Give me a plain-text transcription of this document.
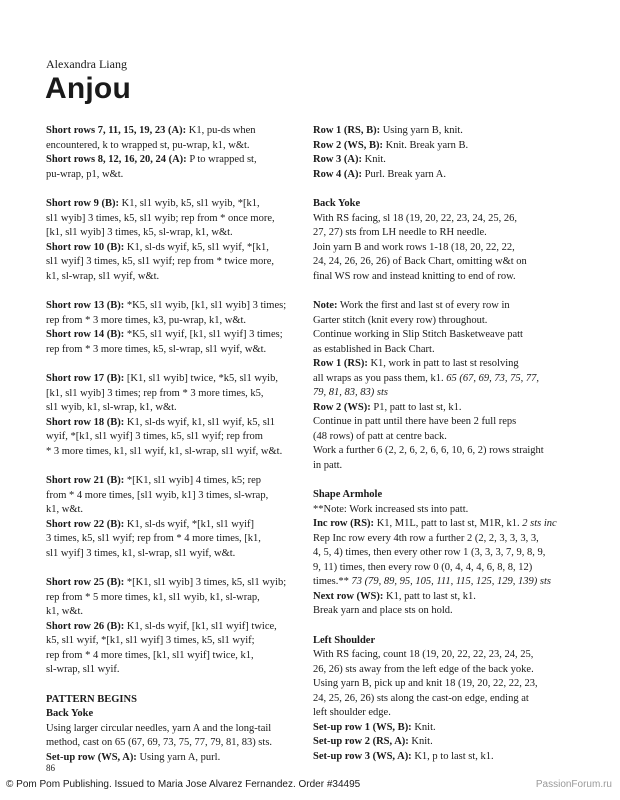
Alexandra Liang
Anjou
Short rows 7, 11, 15, 19, 23 (A): K1, pu-ds when
encountered, k to wrapped st, pu-wrap, k1, w&t.
Short rows 8, 12, 16, 20, 24 (A): P to wrapped st,
pu-wrap, p1, w&t.
Short row 9 (B): K1, sl1 wyib, k5, sl1 wyib, *[k1,
sl1 wyib] 3 times, k5, sl1 wyib; rep from * once more,
[k1, sl1 wyib] 3 times, k5, sl-wrap, k1, w&t.
Short row 10 (B): K1, sl-ds wyif, k5, sl1 wyif, *[k1,
sl1 wyif] 3 times, k5, sl1 wyif; rep from * twice more,
k1, sl-wrap, sl1 wyif, w&t.
Short row 13 (B): *K5, sl1 wyib, [k1, sl1 wyib] 3 times;
rep from * 3 more times, k3, pu-wrap, k1, w&t.
Short row 14 (B): *K5, sl1 wyif, [k1, sl1 wyif] 3 times;
rep from * 3 more times, k5, sl-wrap, sl1 wyif, w&t.
Short row 17 (B): [K1, sl1 wyib] twice, *k5, sl1 wyib,
[k1, sl1 wyib] 3 times; rep from * 3 more times, k5,
sl1 wyib, k1, sl-wrap, k1, w&t.
Short row 18 (B): K1, sl-ds wyif, k1, sl1 wyif, k5, sl1
wyif, *[k1, sl1 wyif] 3 times, k5, sl1 wyif; rep from
* 3 more times, k1, sl1 wyif, k1, sl-wrap, sl1 wyif, w&t.
Short row 21 (B): *[K1, sl1 wyib] 4 times, k5; rep
from * 4 more times, [sl1 wyib, k1] 3 times, sl-wrap,
k1, w&t.
Short row 22 (B): K1, sl-ds wyif, *[k1, sl1 wyif]
3 times, k5, sl1 wyif; rep from * 4 more times, [k1,
sl1 wyif] 3 times, k1, sl-wrap, sl1 wyif, w&t.
Short row 25 (B): *[K1, sl1 wyib] 3 times, k5, sl1 wyib;
rep from * 5 more times, k1, sl1 wyib, k1, sl-wrap,
k1, w&t.
Short row 26 (B): K1, sl-ds wyif, [k1, sl1 wyif] twice,
k5, sl1 wyif, *[k1, sl1 wyif] 3 times, k5, sl1 wyif;
rep from * 4 more times, [k1, sl1 wyif] twice, k1,
sl-wrap, sl1 wyif.
PATTERN BEGINS
Back Yoke
Using larger circular needles, yarn A and the long-tail
method, cast on 65 (67, 69, 73, 75, 77, 79, 81, 83) sts.
Set-up row (WS, A): Using yarn A, purl.
Row 1 (RS, B): Using yarn B, knit.
Row 2 (WS, B): Knit. Break yarn B.
Row 3 (A): Knit.
Row 4 (A): Purl. Break yarn A.
Back Yoke
With RS facing, sl 18 (19, 20, 22, 23, 24, 25, 26,
27, 27) sts from LH needle to RH needle.
Join yarn B and work rows 1-18 (18, 20, 22, 22,
24, 24, 26, 26, 26) of Back Chart, omitting w&t on
final WS row and instead knitting to end of row.
Note: Work the first and last st of every row in
Garter stitch (knit every row) throughout.
Continue working in Slip Stitch Basketweave patt
as established in Back Chart.
Row 1 (RS): K1, work in patt to last st resolving
all wraps as you pass them, k1. 65 (67, 69, 73, 75, 77,
79, 81, 83, 83) sts
Row 2 (WS): P1, patt to last st, k1.
Continue in patt until there have been 2 full reps
(48 rows) of patt at centre back.
Work a further 6 (2, 2, 6, 2, 6, 6, 10, 6, 2) rows straight
in patt.
Shape Armhole
**Note: Work increased sts into patt.
Inc row (RS): K1, M1L, patt to last st, M1R, k1. 2 sts inc
Rep Inc row every 4th row a further 2 (2, 2, 3, 3, 3, 3,
4, 5, 4) times, then every other row 1 (3, 3, 3, 7, 9, 8, 9,
9, 11) times, then every row 0 (0, 4, 4, 4, 6, 8, 8, 12)
times.** 73 (79, 89, 95, 105, 111, 115, 125, 129, 139) sts
Next row (WS): K1, patt to last st, k1.
Break yarn and place sts on hold.
Left Shoulder
With RS facing, count 18 (19, 20, 22, 22, 23, 24, 25,
26, 26) sts away from the left edge of the back yoke.
Using yarn B, pick up and knit 18 (19, 20, 22, 22, 23,
24, 25, 26, 26) sts along the cast-on edge, ending at
left shoulder edge.
Set-up row 1 (WS, B): Knit.
Set-up row 2 (RS, A): Knit.
Set-up row 3 (WS, A): K1, p to last st, k1.
86
© Pom Pom Publishing. Issued to Maria Jose Alvarez Fernandez. Order #34495	PassionForum.ru
